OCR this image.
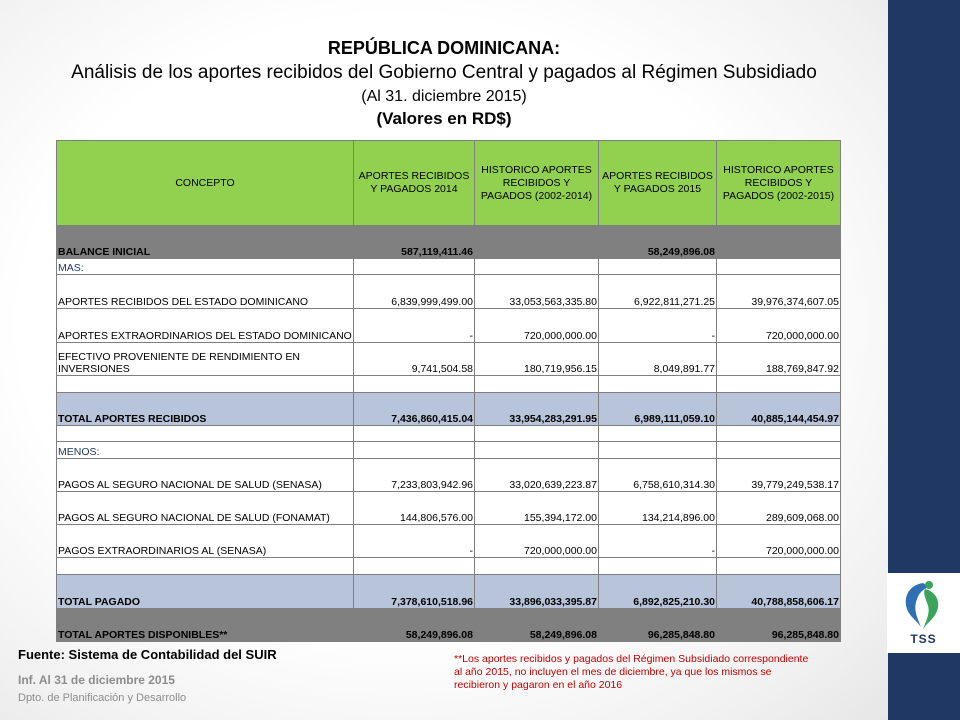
TSS
REPÚBLICA DOMINICANA:
Análisis de los aportes recibidos del Gobierno Central y pagados al Régimen Subsidiado
(Al 31. diciembre 2015)
(Valores en RD$)
CONCEPTO	APORTES RECIBIDOS Y PAGADOS 2014	HISTORICO APORTES RECIBIDOS Y PAGADOS (2002-2014)	APORTES RECIBIDOS Y PAGADOS 2015	HISTORICO APORTES RECIBIDOS Y PAGADOS (2002-2015)
BALANCE INICIAL	587,119,411.46		58,249,896.08	
MAS:				
APORTES RECIBIDOS DEL ESTADO DOMINICANO	6,839,999,499.00	33,053,563,335.80	6,922,811,271.25	39,976,374,607.05
APORTES EXTRAORDINARIOS DEL ESTADO DOMINICANO	-	720,000,000.00	-	720,000,000.00
EFECTIVO PROVENIENTE DE RENDIMIENTO EN INVERSIONES	9,741,504.58	180,719,956.15	8,049,891.77	188,769,847.92

TOTAL APORTES RECIBIDOS	7,436,860,415.04	33,954,283,291.95	6,989,111,059.10	40,885,144,454.97

MENOS:				
PAGOS AL SEGURO NACIONAL DE SALUD (SENASA)	7,233,803,942.96	33,020,639,223.87	6,758,610,314.30	39,779,249,538.17
PAGOS AL SEGURO NACIONAL DE SALUD (FONAMAT)	144,806,576.00	155,394,172.00	134,214,896.00	289,609,068.00
PAGOS EXTRAORDINARIOS AL (SENASA)	-	720,000,000.00	-	720,000,000.00

TOTAL PAGADO	7,378,610,518.96	33,896,033,395.87	6,892,825,210.30	40,788,858,606.17
TOTAL APORTES DISPONIBLES**	58,249,896.08	58,249,896.08	96,285,848.80	96,285,848.80
Fuente: Sistema de Contabilidad del SUIR
Inf. Al 31 de diciembre 2015
Dpto. de Planificación y Desarrollo
**Los aportes recibidos y pagados del Régimen Subsidiado correspondiente al año 2015, no incluyen el mes de diciembre, ya que los mismos se recibieron y pagaron en el año 2016
